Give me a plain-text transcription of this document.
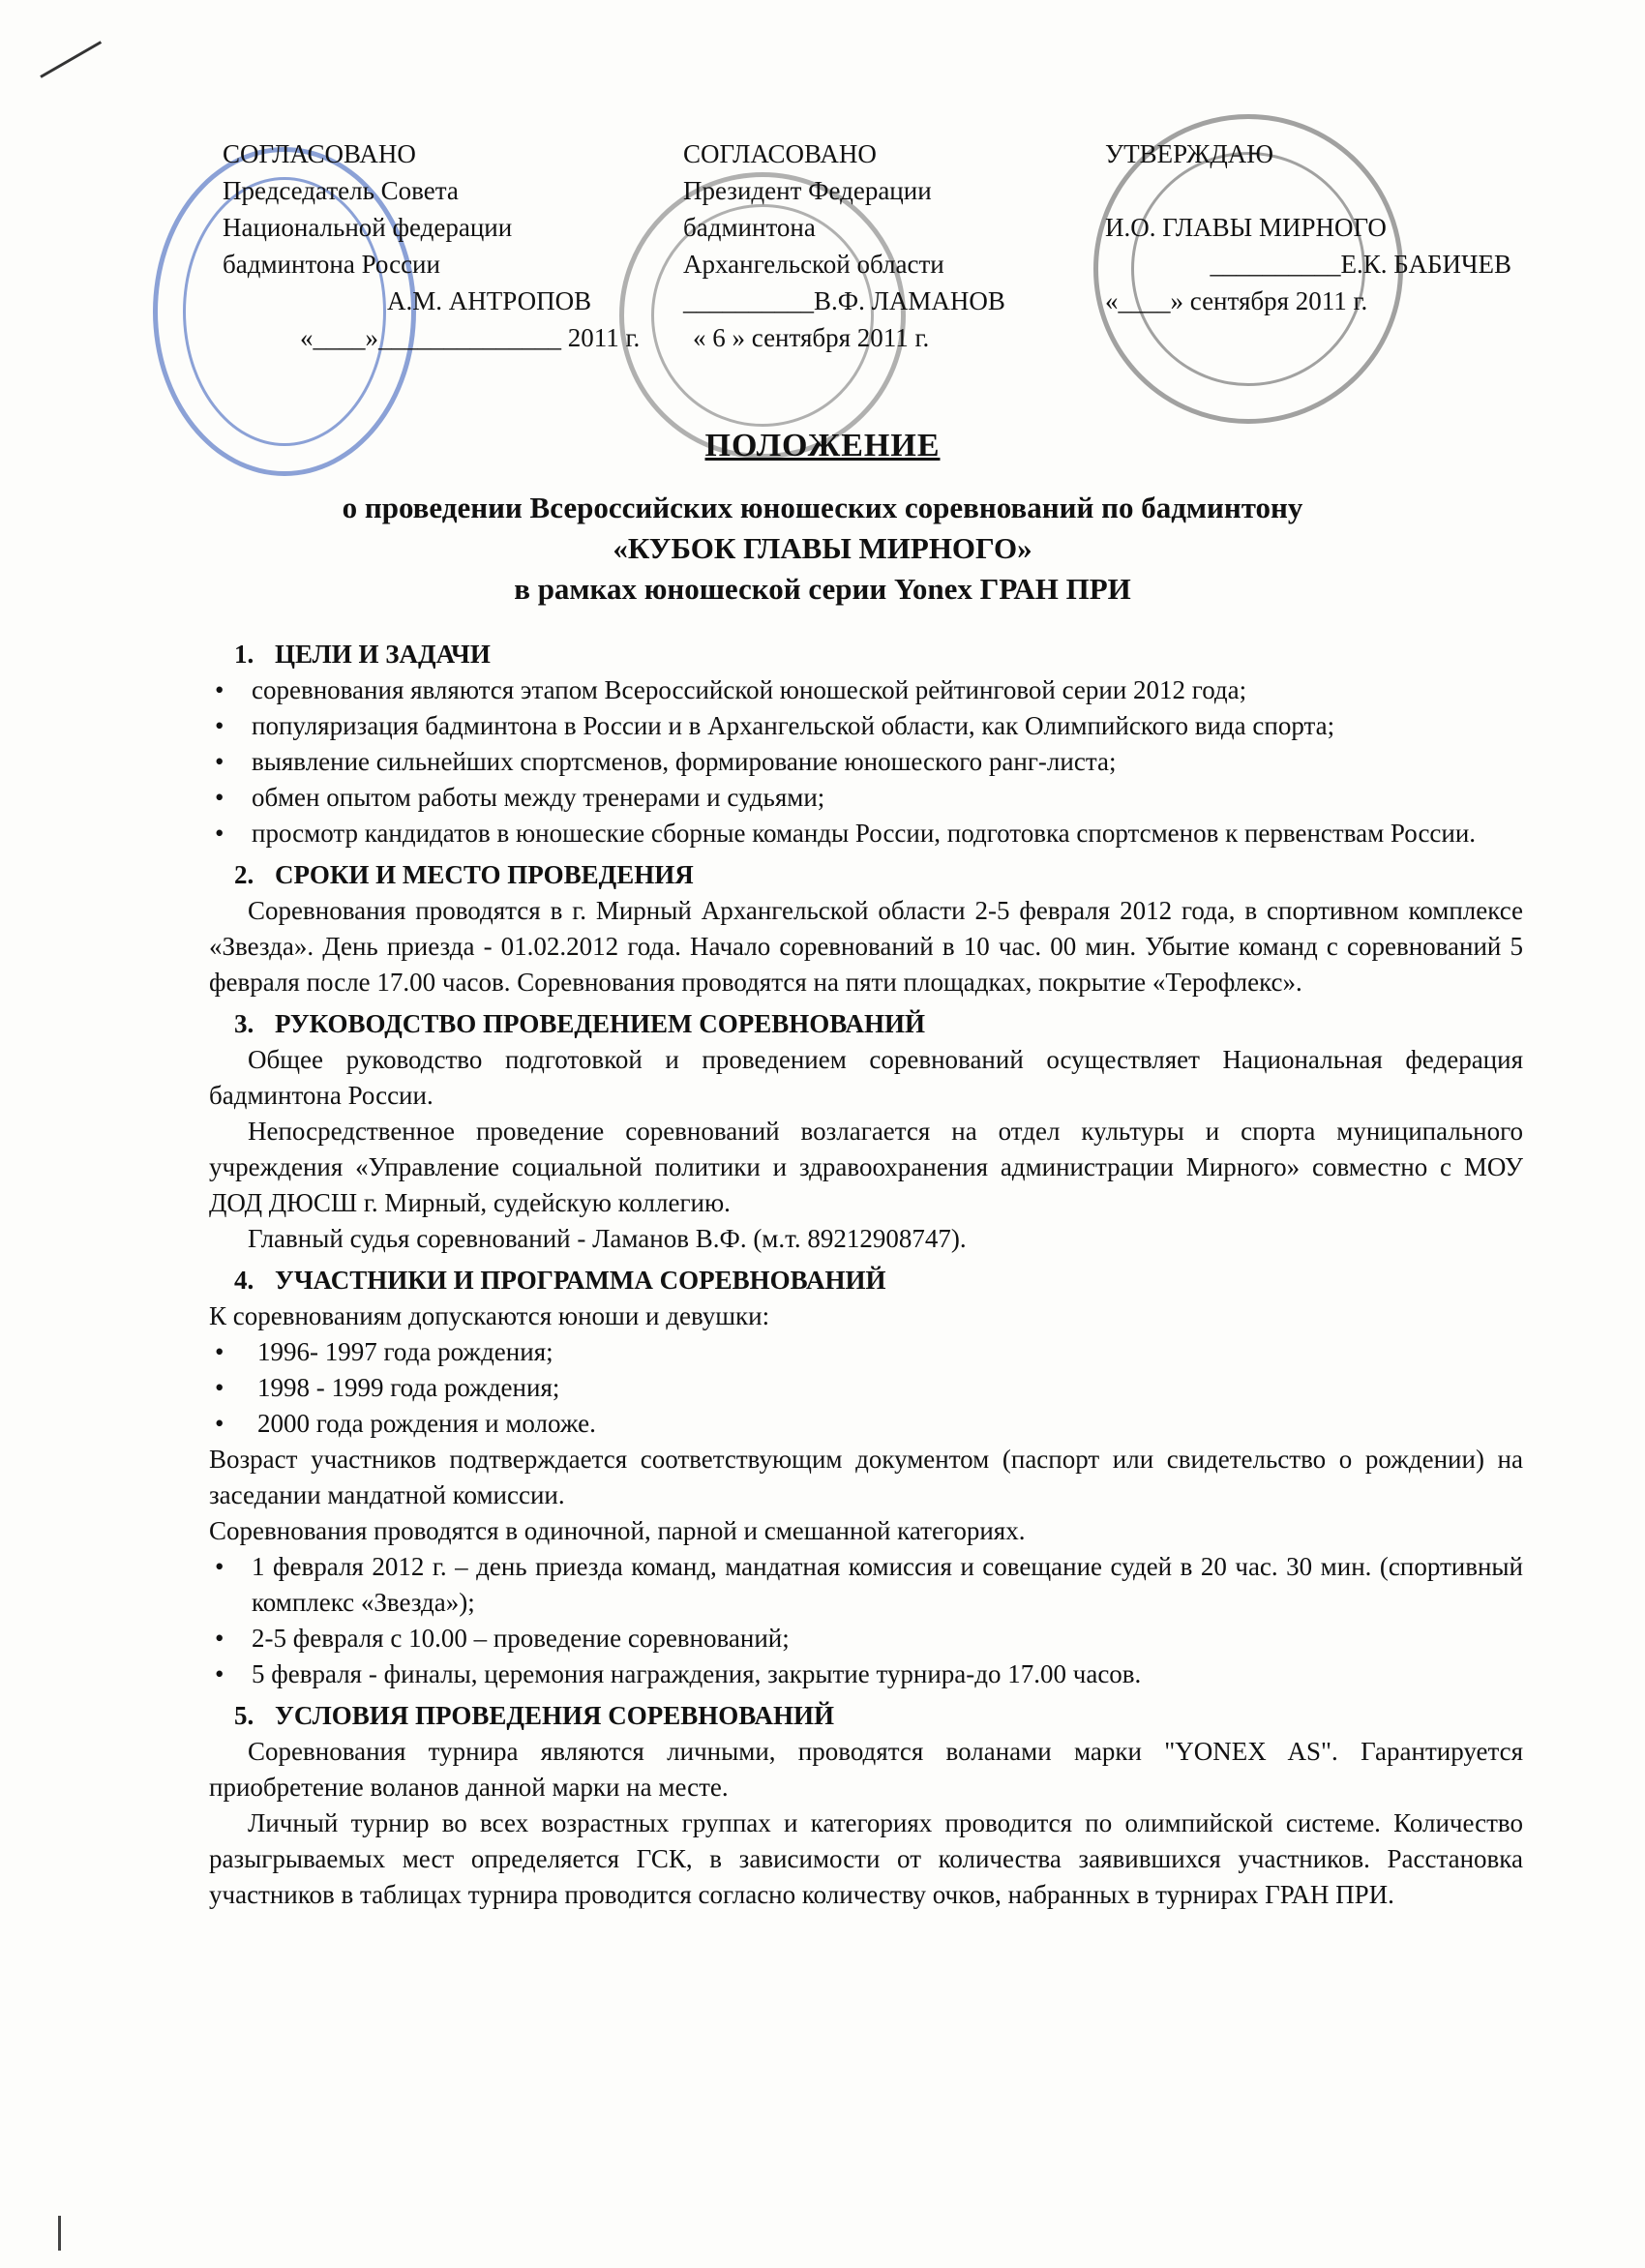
СОГЛАСОВАНО
Председатель Совета
Национальной федерации
бадминтона России
А.М. АНТРОПОВ
«____»______________ 2011 г.
СОГЛАСОВАНО
Президент Федерации
бадминтона
Архангельской области
__________В.Ф. ЛАМАНОВ
« 6 » сентября 2011 г.
УТВЕРЖДАЮ
И.О. ГЛАВЫ МИРНОГО
__________Е.К. БАБИЧЕВ
«____» сентября 2011 г.
ПОЛОЖЕНИЕ
о проведении Всероссийских юношеских соревнований по бадминтону
«КУБОК ГЛАВЫ МИРНОГО»
в рамках юношеской серии Yonex ГРАН ПРИ
1. ЦЕЛИ И ЗАДАЧИ
• соревнования являются этапом Всероссийской юношеской рейтинговой серии 2012 года;
• популяризация бадминтона в России и в Архангельской области, как Олимпийского вида спорта;
• выявление сильнейших спортсменов, формирование юношеского ранг-листа;
• обмен опытом работы между тренерами и судьями;
• просмотр кандидатов в юношеские сборные команды России, подготовка спортсменов к первенствам России.
2. СРОКИ И МЕСТО ПРОВЕДЕНИЯ

Соревнования проводятся в г. Мирный Архангельской области 2-5 февраля 2012 года, в спортивном комплексе «Звезда». День приезда - 01.02.2012 года. Начало соревнований в 10 час. 00 мин. Убытие команд с соревнований 5 февраля после 17.00 часов. Соревнования проводятся на пяти площадках, покрытие «Терофлекс».

3. РУКОВОДСТВО ПРОВЕДЕНИЕМ СОРЕВНОВАНИЙ

Общее руководство подготовкой и проведением соревнований осуществляет Национальная федерация бадминтона России.

Непосредственное проведение соревнований возлагается на отдел культуры и спорта муниципального учреждения «Управление социальной политики и здравоохранения администрации Мирного» совместно с МОУ ДОД ДЮСШ г. Мирный, судейскую коллегию.

Главный судья соревнований - Ламанов В.Ф. (м.т. 89212908747).

4. УЧАСТНИКИ И ПРОГРАММА СОРЕВНОВАНИЙ

К соревнованиям допускаются юноши и девушки:

• 1996- 1997 года рождения;
• 1998 - 1999 года рождения;
• 2000 года рождения и моложе.

Возраст участников подтверждается соответствующим документом (паспорт или свидетельство о рождении) на заседании мандатной комиссии.

Соревнования проводятся в одиночной, парной и смешанной категориях.

• 1 февраля 2012 г. – день приезда команд, мандатная комиссия и совещание судей в 20 час. 30 мин. (спортивный комплекс «Звезда»);
• 2-5 февраля с 10.00 – проведение соревнований;
• 5 февраля - финалы, церемония награждения, закрытие турнира-до 17.00 часов.
5. УСЛОВИЯ ПРОВЕДЕНИЯ СОРЕВНОВАНИЙ

Соревнования турнира являются личными, проводятся воланами марки "YONEX AS". Гарантируется приобретение воланов данной марки на месте.

Личный турнир во всех возрастных группах и категориях проводится по олимпийской системе. Количество разыгрываемых мест определяется ГСК, в зависимости от количества заявившихся участников. Расстановка участников в таблицах турнира проводится согласно количеству очков, набранных в турнирах ГРАН ПРИ.
